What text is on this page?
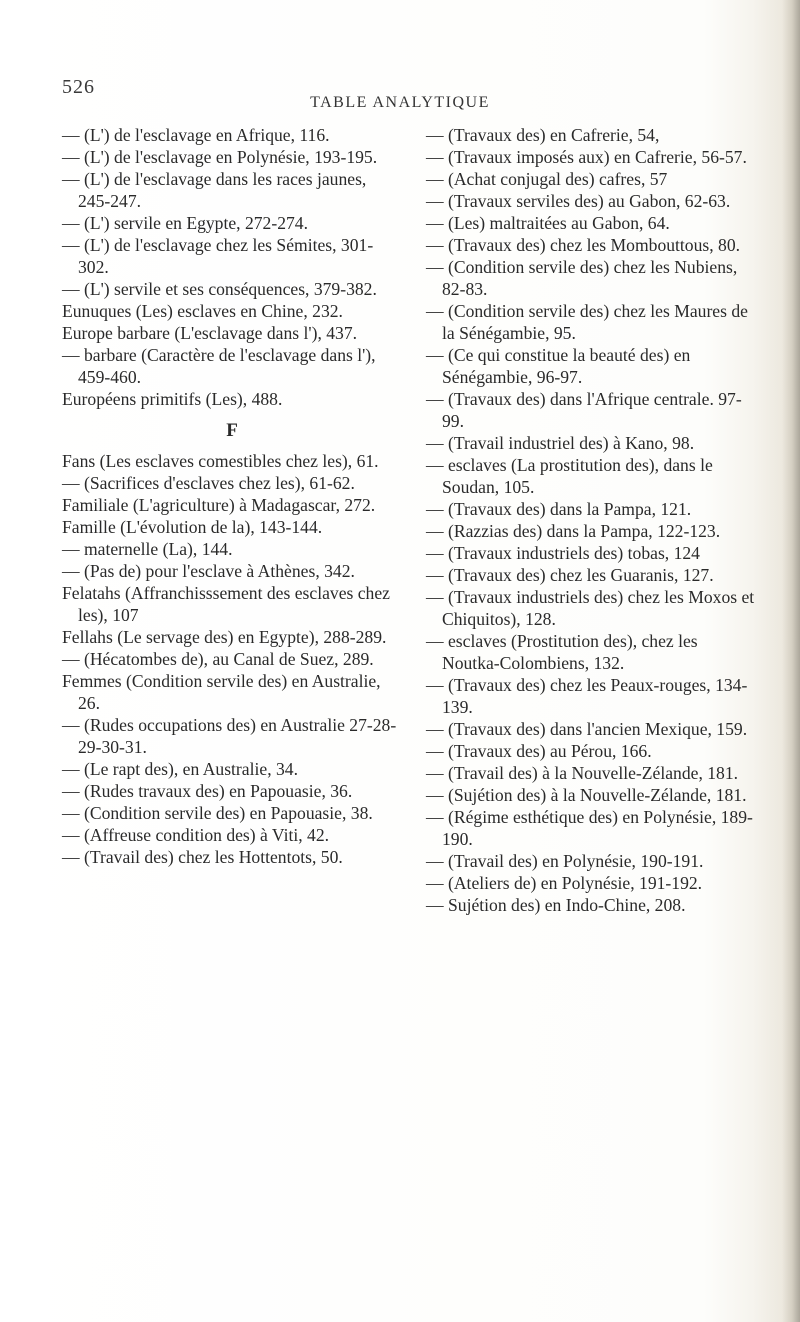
526
TABLE ANALYTIQUE

— (L') de l'esclavage en Afrique, 116.

— (L') de l'esclavage en Polynésie, 193-195.

— (L') de l'esclavage dans les races jaunes, 245-247.

— (L') servile en Egypte, 272-274.

— (L') de l'esclavage chez les Sémites, 301-302.

— (L') servile et ses conséquences, 379-382.

Eunuques (Les) esclaves en Chine, 232.

Europe barbare (L'esclavage dans l'), 437.

— barbare (Caractère de l'esclavage dans l'), 459-460.

Européens primitifs (Les), 488.

F

Fans (Les esclaves comestibles chez les), 61.

— (Sacrifices d'esclaves chez les), 61-62.

Familiale (L'agriculture) à Madagascar, 272.

Famille (L'évolution de la), 143-144.

— maternelle (La), 144.

— (Pas de) pour l'esclave à Athènes, 342.

Felatahs (Affranchisssement des esclaves chez les), 107

Fellahs (Le servage des) en Egypte), 288-289.

— (Hécatombes de), au Canal de Suez, 289.

Femmes (Condition servile des) en Australie, 26.

— (Rudes occupations des) en Australie 27-28-29-30-31.

— (Le rapt des), en Australie, 34.

— (Rudes travaux des) en Papouasie, 36.

— (Condition servile des) en Papouasie, 38.

— (Affreuse condition des) à Viti, 42.

— (Travail des) chez les Hottentots, 50.

— (Travaux des) en Cafrerie, 54,

— (Travaux imposés aux) en Cafrerie, 56-57.

— (Achat conjugal des) cafres, 57

— (Travaux serviles des) au Gabon, 62-63.

— (Les) maltraitées au Gabon, 64.

— (Travaux des) chez les Mombouttous, 80.

— (Condition servile des) chez les Nubiens, 82-83.

— (Condition servile des) chez les Maures de la Sénégambie, 95.

— (Ce qui constitue la beauté des) en Sénégambie, 96-97.

— (Travaux des) dans l'Afrique centrale. 97-99.

— (Travail industriel des) à Kano, 98.

— esclaves (La prostitution des), dans le Soudan, 105.

— (Travaux des) dans la Pampa, 121.

— (Razzias des) dans la Pampa, 122-123.

— (Travaux industriels des) tobas, 124

— (Travaux des) chez les Guaranis, 127.

— (Travaux industriels des) chez les Moxos et Chiquitos), 128.

— esclaves (Prostitution des), chez les Noutka-Colombiens, 132.

— (Travaux des) chez les Peaux-rouges, 134-139.

— (Travaux des) dans l'ancien Mexique, 159.

— (Travaux des) au Pérou, 166.

— (Travail des) à la Nouvelle-Zélande, 181.

— (Sujétion des) à la Nouvelle-Zélande, 181.

— (Régime esthétique des) en Polynésie, 189-190.

— (Travail des) en Polynésie, 190-191.

— (Ateliers de) en Polynésie, 191-192.

— Sujétion des) en Indo-Chine, 208.
